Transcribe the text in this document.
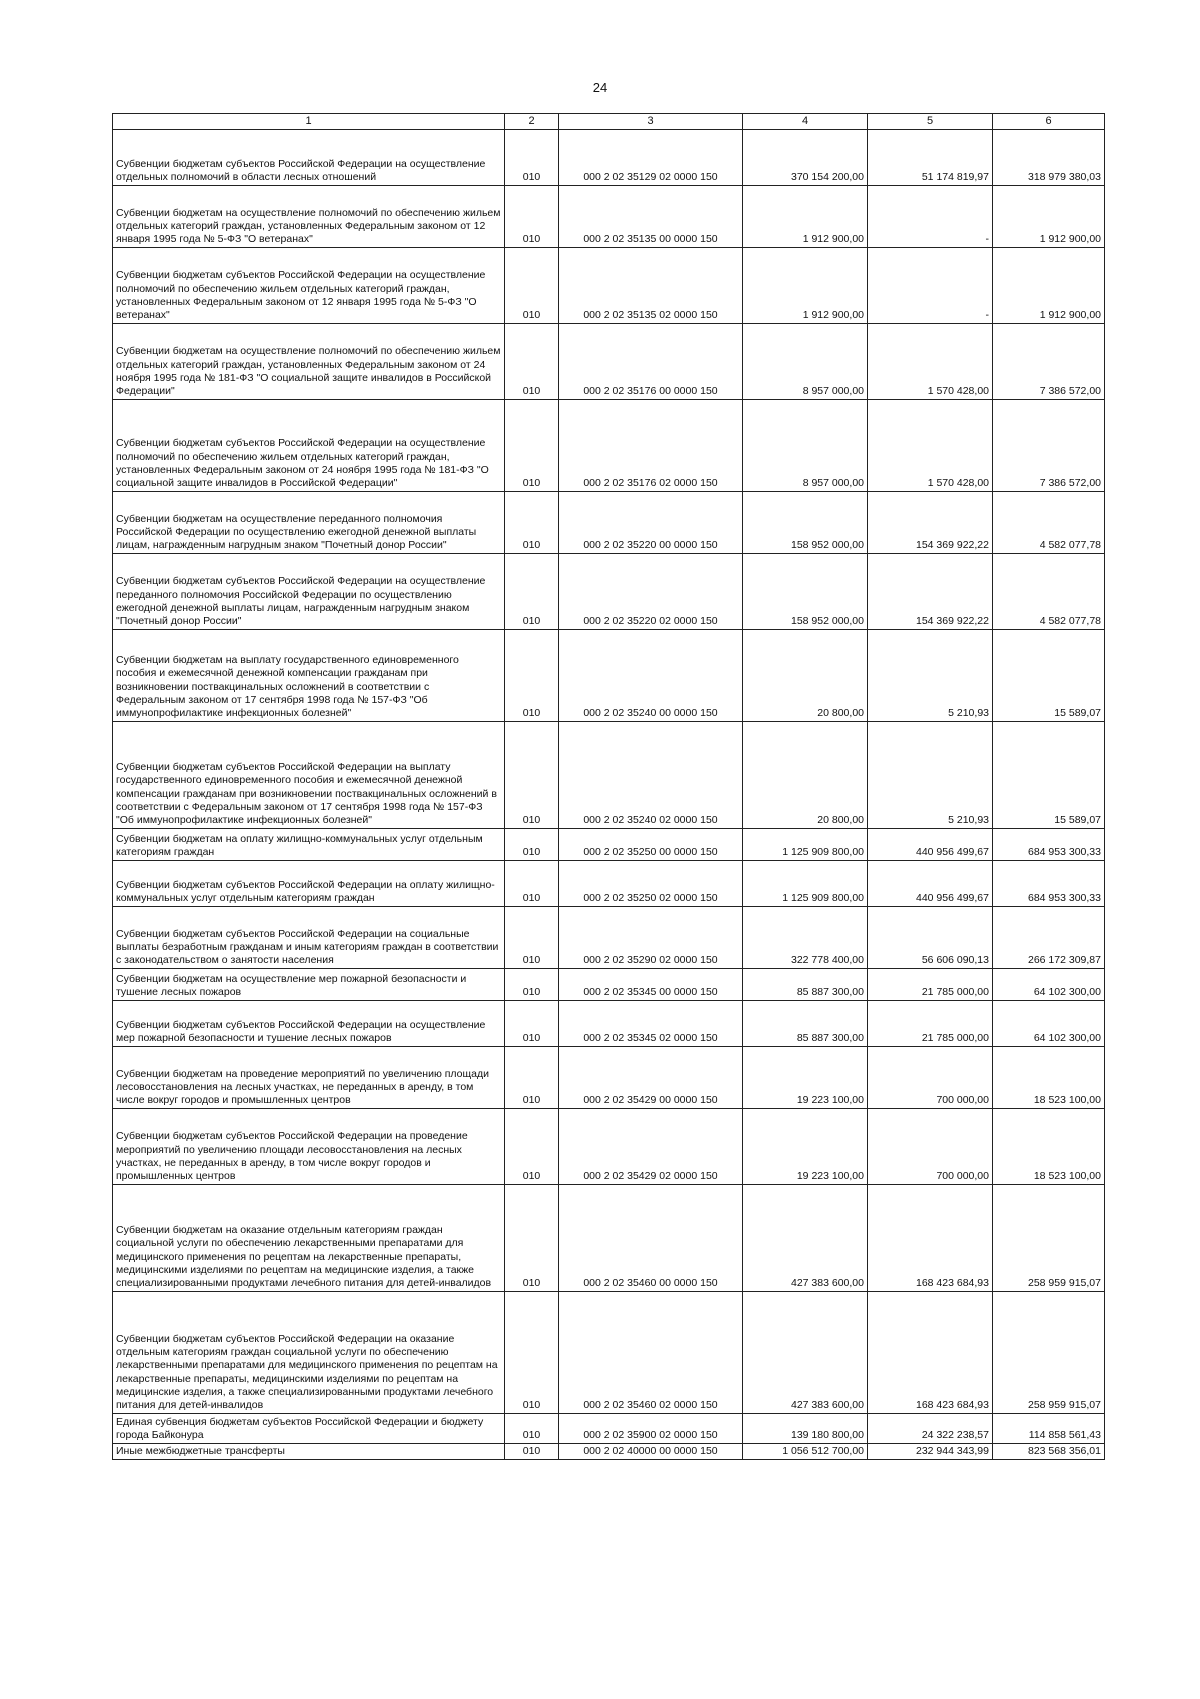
24
1	2	3	4	5	6

Субвенции бюджетам субъектов Российской Федерации на осуществление отдельных полномочий в области лесных отношений	010	000 2 02 35129 02 0000 150	370 154 200,00	51 174 819,97	318 979 380,03

Субвенции бюджетам на осуществление полномочий по обеспечению жильем отдельных категорий граждан, установленных Федеральным законом от 12 января 1995 года № 5-ФЗ "О ветеранах"	010	000 2 02 35135 00 0000 150	1 912 900,00	-	1 912 900,00

Субвенции бюджетам субъектов Российской Федерации на осуществление полномочий по обеспечению жильем отдельных категорий граждан, установленных Федеральным законом от 12 января 1995 года № 5-ФЗ "О ветеранах"	010	000 2 02 35135 02 0000 150	1 912 900,00	-	1 912 900,00

Субвенции бюджетам на осуществление полномочий по обеспечению жильем отдельных категорий граждан, установленных Федеральным законом от 24 ноября 1995 года № 181-ФЗ "О социальной защите инвалидов в Российской Федерации"	010	000 2 02 35176 00 0000 150	8 957 000,00	1 570 428,00	7 386 572,00

Субвенции бюджетам субъектов Российской Федерации на осуществление полномочий по обеспечению жильем отдельных категорий граждан, установленных Федеральным законом от 24 ноября 1995 года № 181-ФЗ "О социальной защите инвалидов в Российской Федерации"	010	000 2 02 35176 02 0000 150	8 957 000,00	1 570 428,00	7 386 572,00

Субвенции бюджетам на осуществление переданного полномочия Российской Федерации по осуществлению ежегодной денежной выплаты лицам, награжденным нагрудным знаком "Почетный донор России"	010	000 2 02 35220 00 0000 150	158 952 000,00	154 369 922,22	4 582 077,78

Субвенции бюджетам субъектов Российской Федерации на осуществление переданного полномочия Российской Федерации по осуществлению ежегодной денежной выплаты лицам, награжденным нагрудным знаком "Почетный донор России"	010	000 2 02 35220 02 0000 150	158 952 000,00	154 369 922,22	4 582 077,78

Субвенции бюджетам на выплату государственного единовременного пособия и ежемесячной денежной компенсации гражданам при возникновении поствакцинальных осложнений в соответствии с Федеральным законом от 17 сентября 1998 года № 157-ФЗ "Об иммунопрофилактике инфекционных болезней"	010	000 2 02 35240 00 0000 150	20 800,00	5 210,93	15 589,07

Субвенции бюджетам субъектов Российской Федерации на выплату государственного единовременного пособия и ежемесячной денежной компенсации гражданам при возникновении поствакцинальных осложнений в соответствии с Федеральным законом от 17 сентября 1998 года № 157-ФЗ "Об иммунопрофилактике инфекционных болезней"	010	000 2 02 35240 02 0000 150	20 800,00	5 210,93	15 589,07

Субвенции бюджетам на оплату жилищно-коммунальных услуг отдельным категориям граждан	010	000 2 02 35250 00 0000 150	1 125 909 800,00	440 956 499,67	684 953 300,33

Субвенции бюджетам субъектов Российской Федерации на оплату жилищно-коммунальных услуг отдельным категориям граждан	010	000 2 02 35250 02 0000 150	1 125 909 800,00	440 956 499,67	684 953 300,33

Субвенции бюджетам субъектов Российской Федерации на социальные выплаты безработным гражданам и иным категориям граждан в соответствии с законодательством о занятости населения	010	000 2 02 35290 02 0000 150	322 778 400,00	56 606 090,13	266 172 309,87

Субвенции бюджетам на осуществление мер пожарной безопасности и тушение лесных пожаров	010	000 2 02 35345 00 0000 150	85 887 300,00	21 785 000,00	64 102 300,00

Субвенции бюджетам субъектов Российской Федерации на осуществление мер пожарной безопасности и тушение лесных пожаров	010	000 2 02 35345 02 0000 150	85 887 300,00	21 785 000,00	64 102 300,00

Субвенции бюджетам на проведение мероприятий по увеличению площади лесовосстановления на лесных участках, не переданных в аренду, в том числе вокруг городов и промышленных центров	010	000 2 02 35429 00 0000 150	19 223 100,00	700 000,00	18 523 100,00

Субвенции бюджетам субъектов Российской Федерации на проведение мероприятий по увеличению площади лесовосстановления на лесных участках, не переданных в аренду, в том числе вокруг городов и промышленных центров	010	000 2 02 35429 02 0000 150	19 223 100,00	700 000,00	18 523 100,00

Субвенции бюджетам на оказание отдельным категориям граждан социальной услуги по обеспечению лекарственными препаратами для медицинского применения по рецептам на лекарственные препараты, медицинскими изделиями по рецептам на медицинские изделия, а также специализированными продуктами лечебного питания для детей-инвалидов	010	000 2 02 35460 00 0000 150	427 383 600,00	168 423 684,93	258 959 915,07

Субвенции бюджетам субъектов Российской Федерации на оказание отдельным категориям граждан социальной услуги по обеспечению лекарственными препаратами для медицинского применения по рецептам на лекарственные препараты, медицинскими изделиями по рецептам на медицинские изделия, а также специализированными продуктами лечебного питания для детей-инвалидов	010	000 2 02 35460 02 0000 150	427 383 600,00	168 423 684,93	258 959 915,07

Единая субвенция бюджетам субъектов Российской Федерации и бюджету города Байконура	010	000 2 02 35900 02 0000 150	139 180 800,00	24 322 238,57	114 858 561,43

Иные межбюджетные трансферты	010	000 2 02 40000 00 0000 150	1 056 512 700,00	232 944 343,99	823 568 356,01
